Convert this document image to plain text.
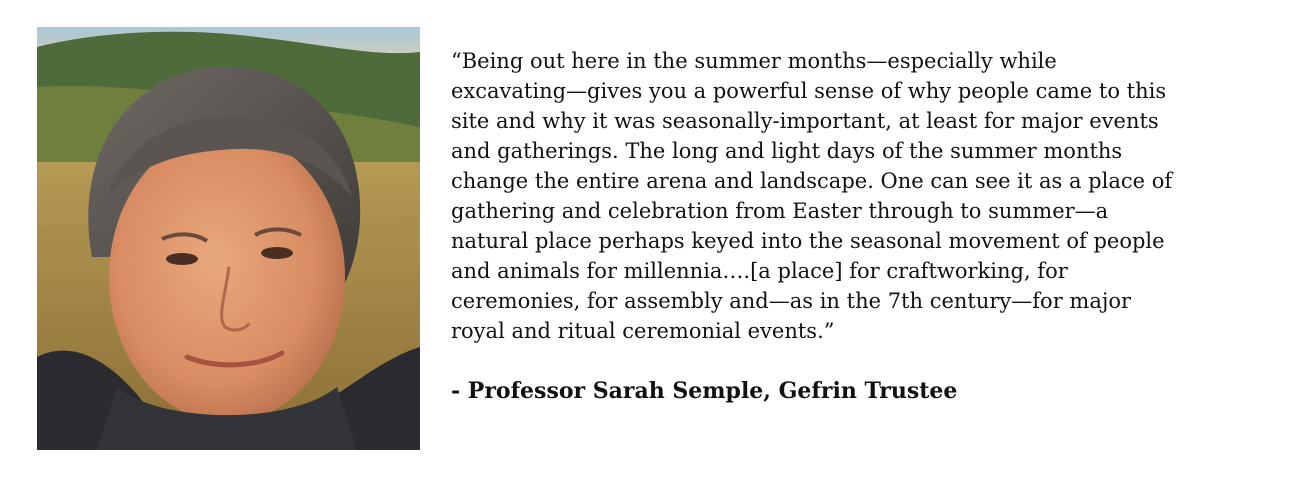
“Being out here in the summer months—especially while
excavating—gives you a powerful sense of why people came to this
site and why it was seasonally-important, at least for major events
and gatherings. The long and light days of the summer months
change the entire arena and landscape. One can see it as a place of
gathering and celebration from Easter through to summer—a
natural place perhaps keyed into the seasonal movement of people
and animals for millennia….[a place] for craftworking, for
ceremonies, for assembly and—as in the 7th century—for major
royal and ritual ceremonial events.”

- Professor Sarah Semple, Gefrin Trustee
